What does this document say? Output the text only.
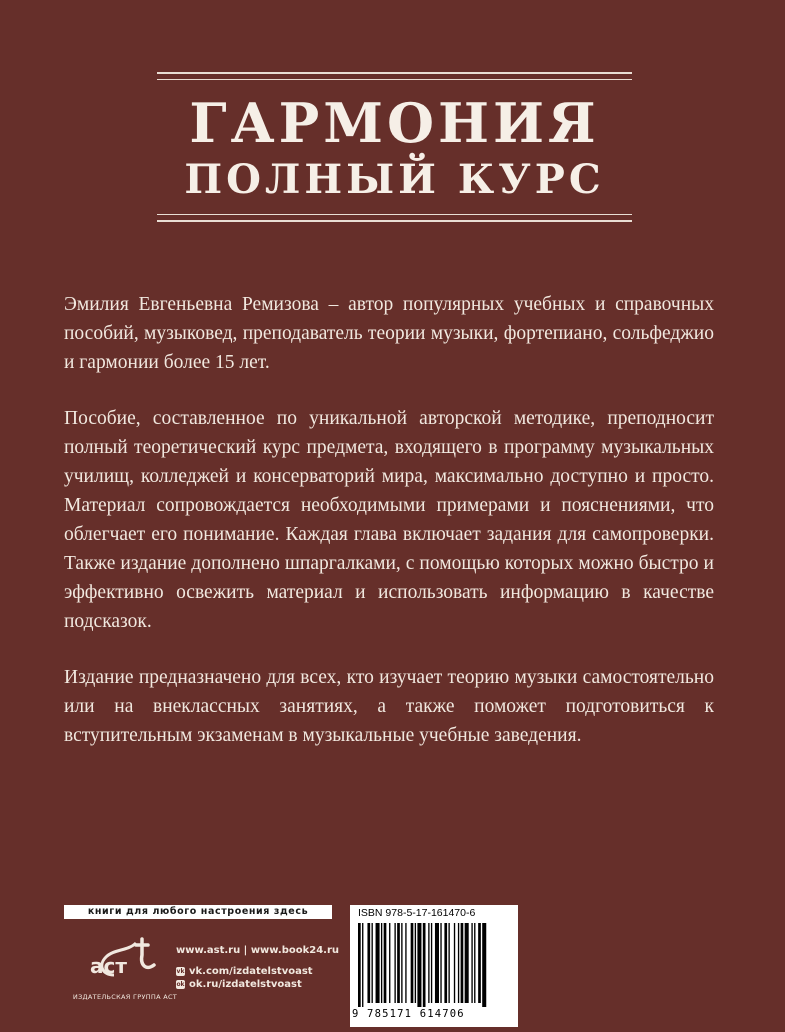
ГАРМОНИЯ
ПОЛНЫЙ КУРС

Эмилия Евгеньевна Ремизова – автор популярных учебных и справочных пособий, музыковед, преподаватель теории музыки, фортепиано, сольфеджио и гармонии более 15 лет.

Пособие, составленное по уникальной авторской методике, преподносит полный теоретический курс предмета, входящего в программу музыкальных училищ, колледжей и консерваторий мира, максимально доступно и просто. Материал сопровождается необходимыми примерами и пояснениями, что облегчает его понимание. Каждая глава включает задания для самопроверки. Также издание дополнено шпаргалками, с помощью которых можно быстро и эффективно освежить материал и использовать информацию в качестве подсказок.

Издание предназначено для всех, кто изучает теорию музыки самостоятельно или на внеклассных занятиях, а также поможет подготовиться к вступительным экзаменам в музыкальные учебные заведения.

книги для любого настроения здесь
аст
ИЗДАТЕЛЬСКАЯ ГРУППА АСТ
www.ast.ru | www.book24.ru
vk vk.com/izdatelstvoast
ok ok.ru/izdatelstvoast
ISBN 978-5-17-161470-6
9 785171 614706
